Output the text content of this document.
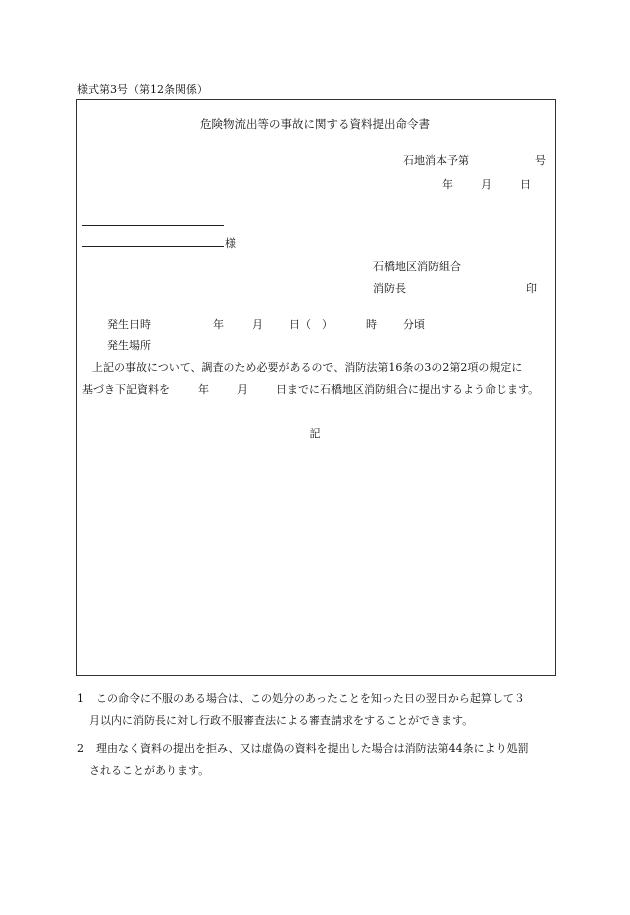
様式第3号（第12条関係）
危険物流出等の事故に関する資料提出命令書
石地消本予第	号
年	月	日
様
石橋地区消防組合
消防長	印
発生日時	年	月 日（　）	時 分頃
発生場所
上記の事故について、調査のため必要があるので、消防法第16条の3の2第2項の規定に
基づき下記資料を	年	月	日までに石橋地区消防組合に提出するよう命じます。
記
1 この命令に不服のある場合は、この処分のあったことを知った日の翌日から起算して３
月以内に消防長に対し行政不服審査法による審査請求をすることができます。
2 理由なく資料の提出を拒み、又は虚偽の資料を提出した場合は消防法第44条により処罰
されることがあります。
